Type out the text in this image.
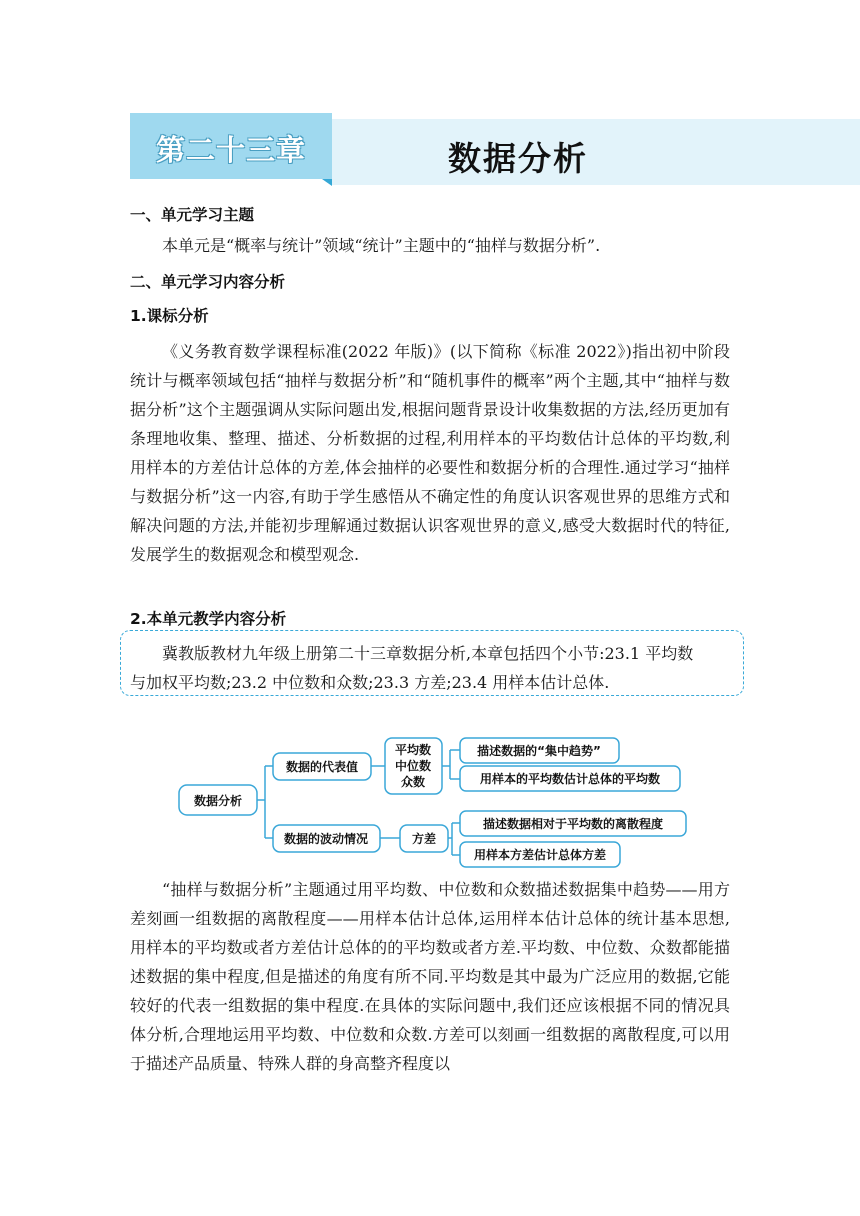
第二十三章	数据分析
一、单元学习主题

本单元是“概率与统计”领域“统计”主题中的“抽样与数据分析”.

二、单元学习内容分析
1.课标分析

《义务教育数学课程标准(2022 年版)》(以下简称《标准 2022》)指出初中阶段统计与概率领域包括“抽样与数据分析”和“随机事件的概率”两个主题,其中“抽样与数据分析”这个主题强调从实际问题出发,根据问题背景设计收集数据的方法,经历更加有条理地收集、整理、描述、分析数据的过程,利用样本的平均数估计总体的平均数,利用样本的方差估计总体的方差,体会抽样的必要性和数据分析的合理性.通过学习“抽样与数据分析”这一内容,有助于学生感悟从不确定性的角度认识客观世界的思维方式和解决问题的方法,并能初步理解通过数据认识客观世界的意义,感受大数据时代的特征,发展学生的数据观念和模型观念.

2.本单元教学内容分析
冀教版教材九年级上册第二十三章数据分析,本章包括四个小节:23.1 平均数
与加权平均数;23.2 中位数和众数;23.3 方差;23.4 用样本估计总体.
数据分析
数据的代表值
平均数
中位数
众数
描述数据的“集中趋势”
用样本的平均数估计总体的平均数
数据的波动情况	方差
描述数据相对于平均数的离散程度
用样本方差估计总体方差

“抽样与数据分析”主题通过用平均数、中位数和众数描述数据集中趋势——用方差刻画一组数据的离散程度——用样本估计总体,运用样本估计总体的统计基本思想,用样本的平均数或者方差估计总体的的平均数或者方差.平均数、中位数、众数都能描述数据的集中程度,但是描述的角度有所不同.平均数是其中最为广泛应用的数据,它能较好的代表一组数据的集中程度.在具体的实际问题中,我们还应该根据不同的情况具体分析,合理地运用平均数、中位数和众数.方差可以刻画一组数据的离散程度,可以用于描述产品质量、特殊人群的身高整齐程度以
